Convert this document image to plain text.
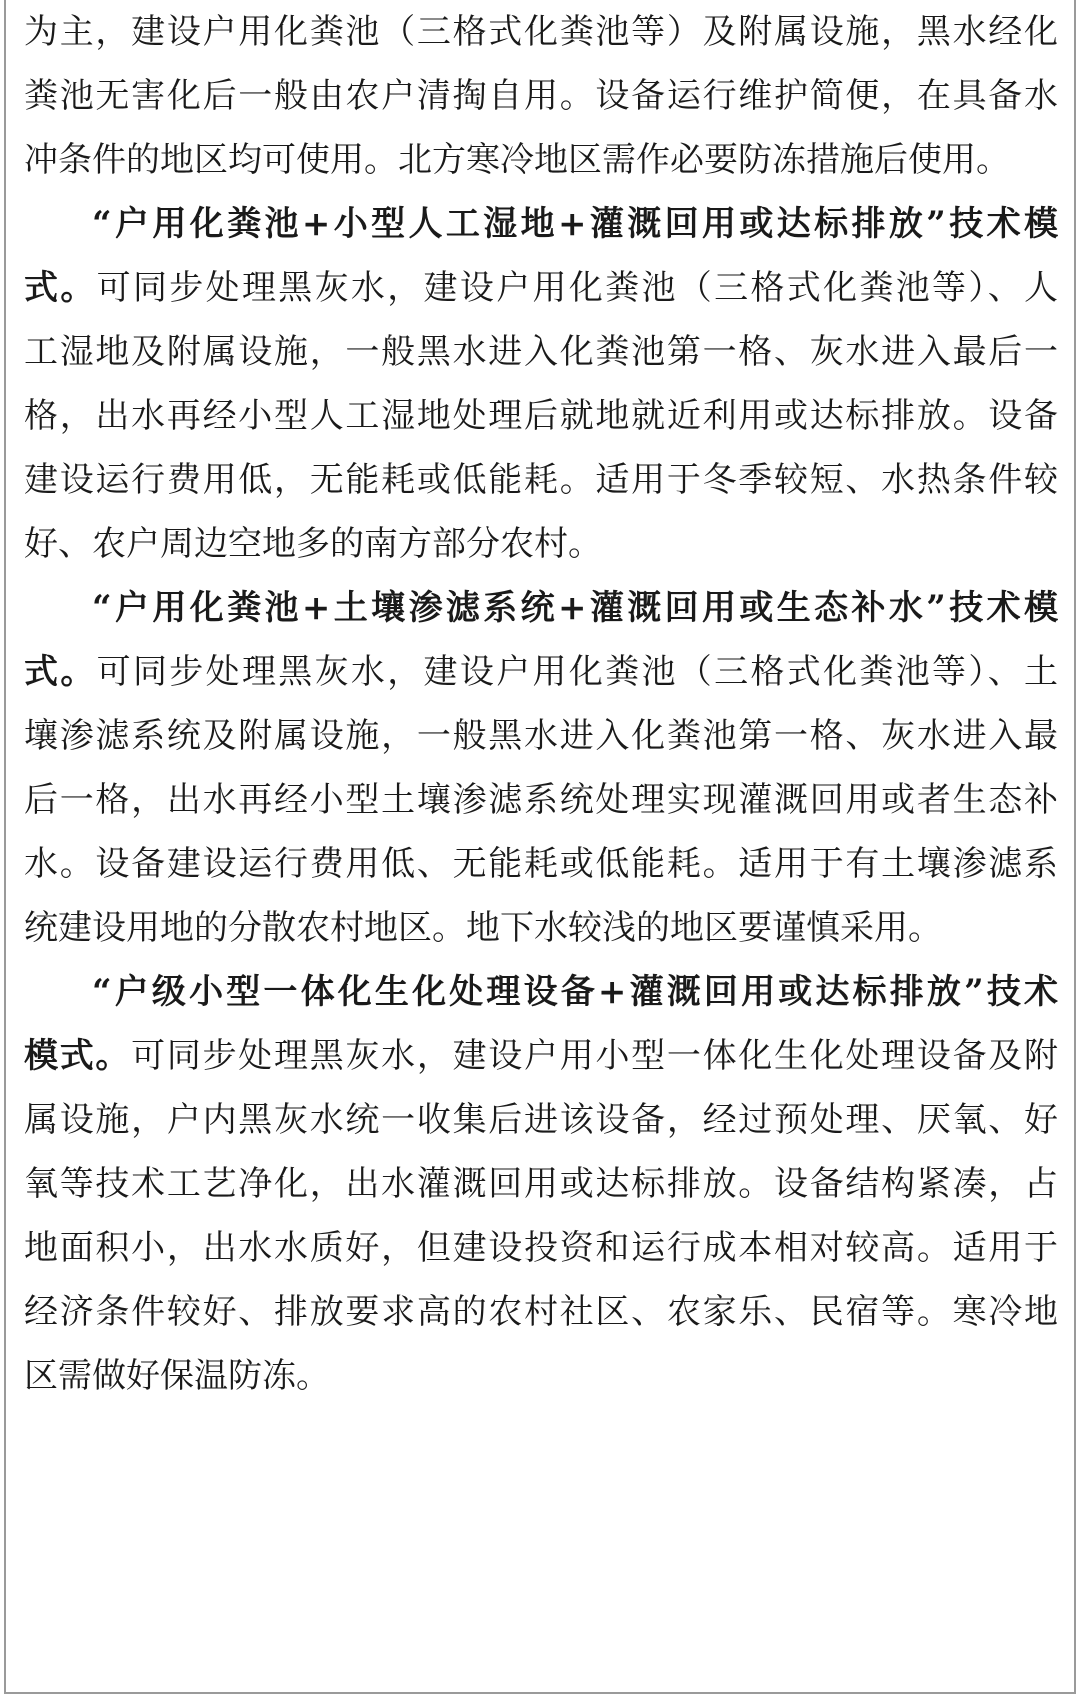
为主，建设户用化粪池（三格式化粪池等）及附属设施，黑水经化
粪池无害化后一般由农户清掏自用。设备运行维护简便，在具备水
冲条件的地区均可使用。北方寒冷地区需作必要防冻措施后使用。
“户用化粪池+小型人工湿地+灌溉回用或达标排放”技术模
式。可同步处理黑灰水，建设户用化粪池（三格式化粪池等）、人
工湿地及附属设施，一般黑水进入化粪池第一格、灰水进入最后一
格，出水再经小型人工湿地处理后就地就近利用或达标排放。设备
建设运行费用低，无能耗或低能耗。适用于冬季较短、水热条件较
好、农户周边空地多的南方部分农村。
“户用化粪池+土壤渗滤系统+灌溉回用或生态补水”技术模
式。可同步处理黑灰水，建设户用化粪池（三格式化粪池等）、土
壤渗滤系统及附属设施，一般黑水进入化粪池第一格、灰水进入最
后一格，出水再经小型土壤渗滤系统处理实现灌溉回用或者生态补
水。设备建设运行费用低、无能耗或低能耗。适用于有土壤渗滤系
统建设用地的分散农村地区。地下水较浅的地区要谨慎采用。
“户级小型一体化生化处理设备+灌溉回用或达标排放”技术
模式。可同步处理黑灰水，建设户用小型一体化生化处理设备及附
属设施，户内黑灰水统一收集后进该设备，经过预处理、厌氧、好
氧等技术工艺净化，出水灌溉回用或达标排放。设备结构紧凑，占
地面积小，出水水质好，但建设投资和运行成本相对较高。适用于
经济条件较好、排放要求高的农村社区、农家乐、民宿等。寒冷地
区需做好保温防冻。
